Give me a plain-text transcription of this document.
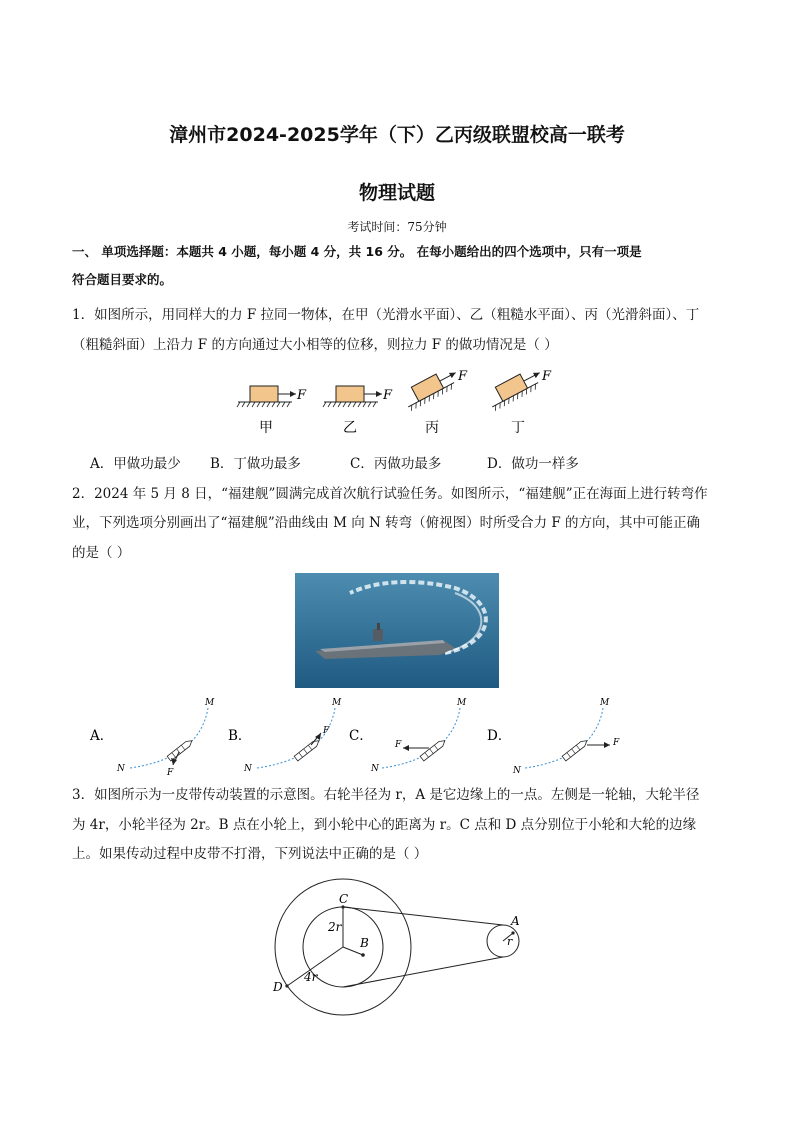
漳州市2024-2025学年（下）乙丙级联盟校高一联考
物理试题
考试时间：75分钟
一、 单项选择题：本题共 4 小题，每小题 4 分，共 16 分。 在每小题给出的四个选项中，只有一项是
符合题目要求的。
1．如图所示，用同样大的力 F 拉同一物体，在甲（光滑水平面）、乙（粗糙水平面）、丙（光滑斜面）、丁
（粗糙斜面）上沿力 F 的方向通过大小相等的位移，则拉力 F 的做功情况是（ ）
F	F
F	F
甲	乙	丙	丁
A．甲做功最少 B．丁做功最多	C．丙做功最多	D．做功一样多
2．2024 年 5 月 8 日，“福建舰”圆满完成首次航行试验任务。如图所示，“福建舰”正在海面上进行转弯作
业，下列选项分别画出了“福建舰”沿曲线由 M 向 N 转弯（俯视图）时所受合力 F 的方向，其中可能正确
的是（ ）
A．
M
N	F
B．
M
N
F C．
M
N
F
D．
M
N
F
3．如图所示为一皮带传动装置的示意图。右轮半径为 r，A 是它边缘上的一点。左侧是一轮轴，大轮半径
为 4r，小轮半径为 2r。B 点在小轮上，到小轮中心的距离为 r。C 点和 D 点分别位于小轮和大轮的边缘
上。如果传动过程中皮带不打滑，下列说法中正确的是（ ）
C
2r
B
4r
D
A
r
